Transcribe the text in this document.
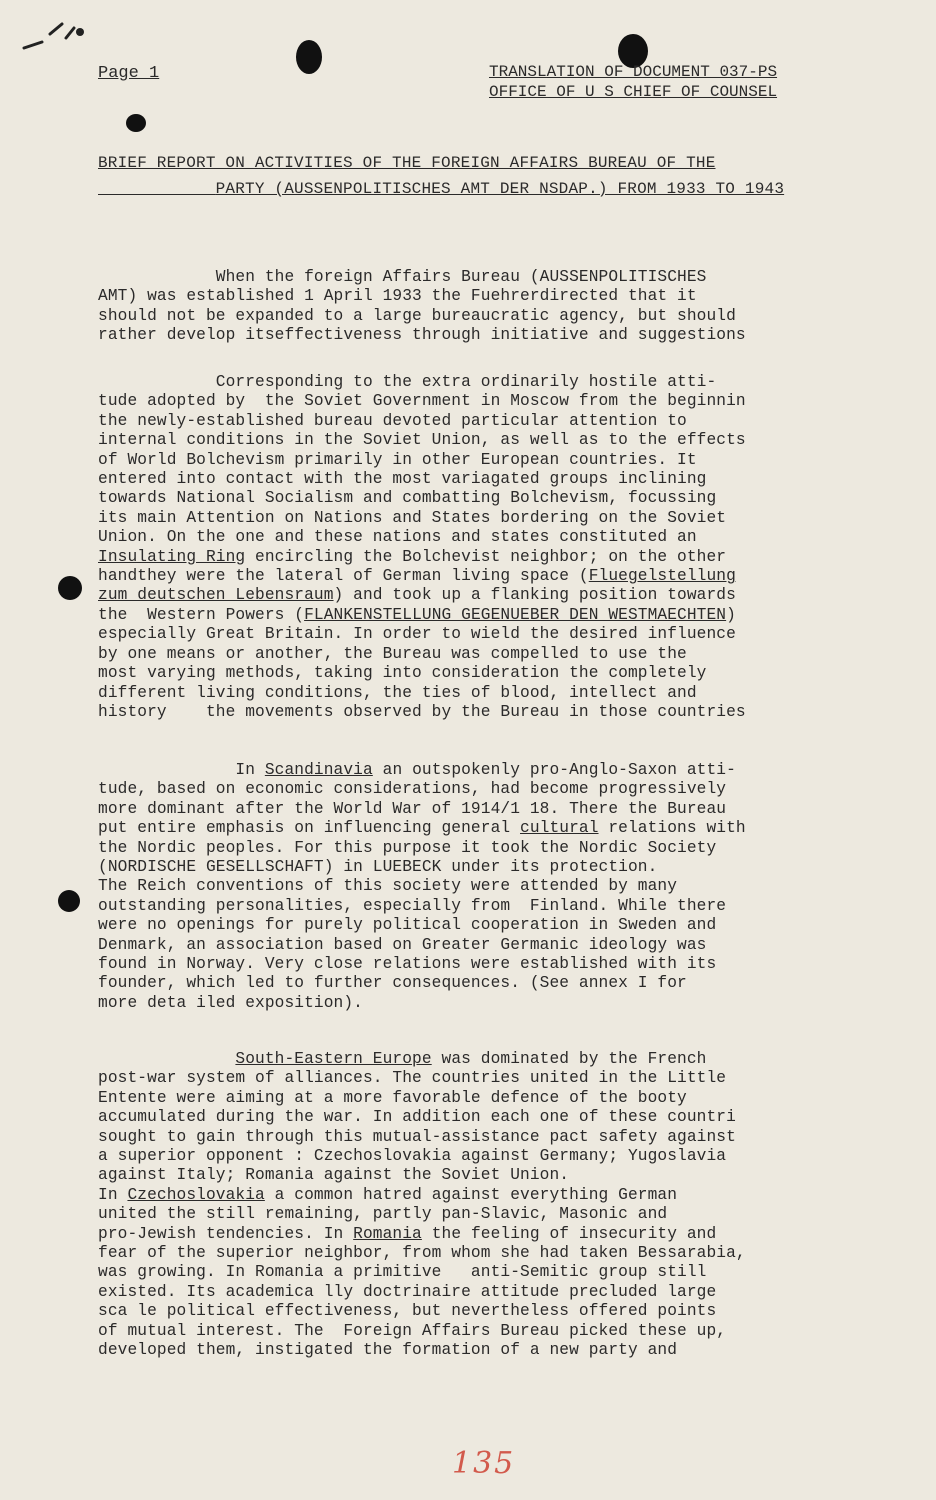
Page 1	TRANSLATION OF DOCUMENT 037-PS
OFFICE OF U S CHIEF OF COUNSEL
BRIEF REPORT ON ACTIVITIES OF THE FOREIGN AFFAIRS BUREAU OF THE
PARTY (AUSSENPOLITISCHES AMT DER NSDAP.) FROM 1933 TO 1943
When the foreign Affairs Bureau (AUSSENPOLITISCHES
AMT) was established 1 April 1933 the Fuehrerdirected that it
should not be expanded to a large bureaucratic agency, but should
rather develop itseffectiveness through initiative and suggestions
Corresponding to the extra ordinarily hostile atti-
tude adopted by  the Soviet Government in Moscow from the beginnin
the newly-established bureau devoted particular attention to
internal conditions in the Soviet Union, as well as to the effects
of World Bolchevism primarily in other European countries. It
entered into contact with the most variagated groups inclining
towards National Socialism and combatting Bolchevism, focussing
its main Attention on Nations and States bordering on the Soviet
Union. On the one and these nations and states constituted an
Insulating Ring encircling the Bolchevist neighbor; on the other
handthey were the lateral of German living space (Fluegelstellung
zum deutschen Lebensraum) and took up a flanking position towards
the  Western Powers (FLANKENSTELLUNG GEGENUEBER DEN WESTMAECHTEN)
especially Great Britain. In order to wield the desired influence
by one means or another, the Bureau was compelled to use the
most varying methods, taking into consideration the completely
different living conditions, the ties of blood, intellect and
history    the movements observed by the Bureau in those countries
In Scandinavia an outspokenly pro-Anglo-Saxon atti-
tude, based on economic considerations, had become progressively
more dominant after the World War of 1914/1 18. There the Bureau
put entire emphasis on influencing general cultural relations with
the Nordic peoples. For this purpose it took the Nordic Society
(NORDISCHE GESELLSCHAFT) in LUEBECK under its protection.
The Reich conventions of this society were attended by many
outstanding personalities, especially from  Finland. While there
were no openings for purely political cooperation in Sweden and
Denmark, an association based on Greater Germanic ideology was
found in Norway. Very close relations were established with its
founder, which led to further consequences. (See annex I for
more deta iled exposition).
South-Eastern Europe was dominated by the French
post-war system of alliances. The countries united in the Little
Entente were aiming at a more favorable defence of the booty
accumulated during the war. In addition each one of these countri
sought to gain through this mutual-assistance pact safety against
a superior opponent : Czechoslovakia against Germany; Yugoslavia
against Italy; Romania against the Soviet Union.
In Czechoslovakia a common hatred against everything German
united the still remaining, partly pan-Slavic, Masonic and
pro-Jewish tendencies. In Romania the feeling of insecurity and
fear of the superior neighbor, from whom she had taken Bessarabia,
was growing. In Romania a primitive   anti-Semitic group still
existed. Its academica lly doctrinaire attitude precluded large
sca le political effectiveness, but nevertheless offered points
of mutual interest. The  Foreign Affairs Bureau picked these up,
developed them, instigated the formation of a new party and
135
